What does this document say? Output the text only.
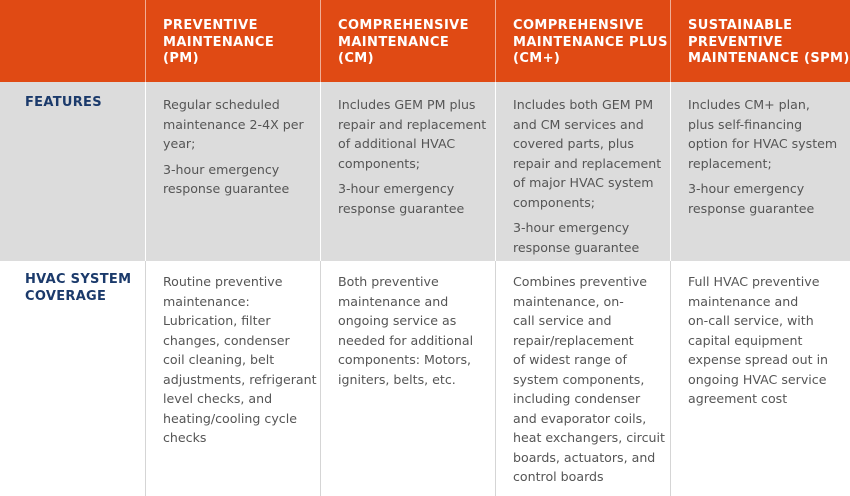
PREVENTIVE
MAINTENANCE
(PM)
COMPREHENSIVE
MAINTENANCE
(CM)
COMPREHENSIVE
MAINTENANCE PLUS
(CM+)
SUSTAINABLE
PREVENTIVE
MAINTENANCE (SPM)
FEATURES	Regular scheduled
maintenance 2-4X per
year;

3-hour emergency
response guarantee

Includes GEM PM plus
repair and replacement
of additional HVAC
components;

3-hour emergency
response guarantee

Includes both GEM PM
and CM services and
covered parts, plus
repair and replacement
of major HVAC system
components;

3-hour emergency
response guarantee

Includes CM+ plan,
plus self-financing
option for HVAC system
replacement;

3-hour emergency
response guarantee

HVAC SYSTEM
COVERAGE
Routine preventive
maintenance:
Lubrication, filter
changes, condenser
coil cleaning, belt
adjustments, refrigerant
level checks, and
heating/cooling cycle
checks
Both preventive
maintenance and
ongoing service as
needed for additional
components: Motors,
igniters, belts, etc.
Combines preventive
maintenance, on-
call service and
repair/replacement
of widest range of
system components,
including condenser
and evaporator coils,
heat exchangers, circuit
boards, actuators, and
control boards
Full HVAC preventive
maintenance and
on-call service, with
capital equipment
expense spread out in
ongoing HVAC service
agreement cost
